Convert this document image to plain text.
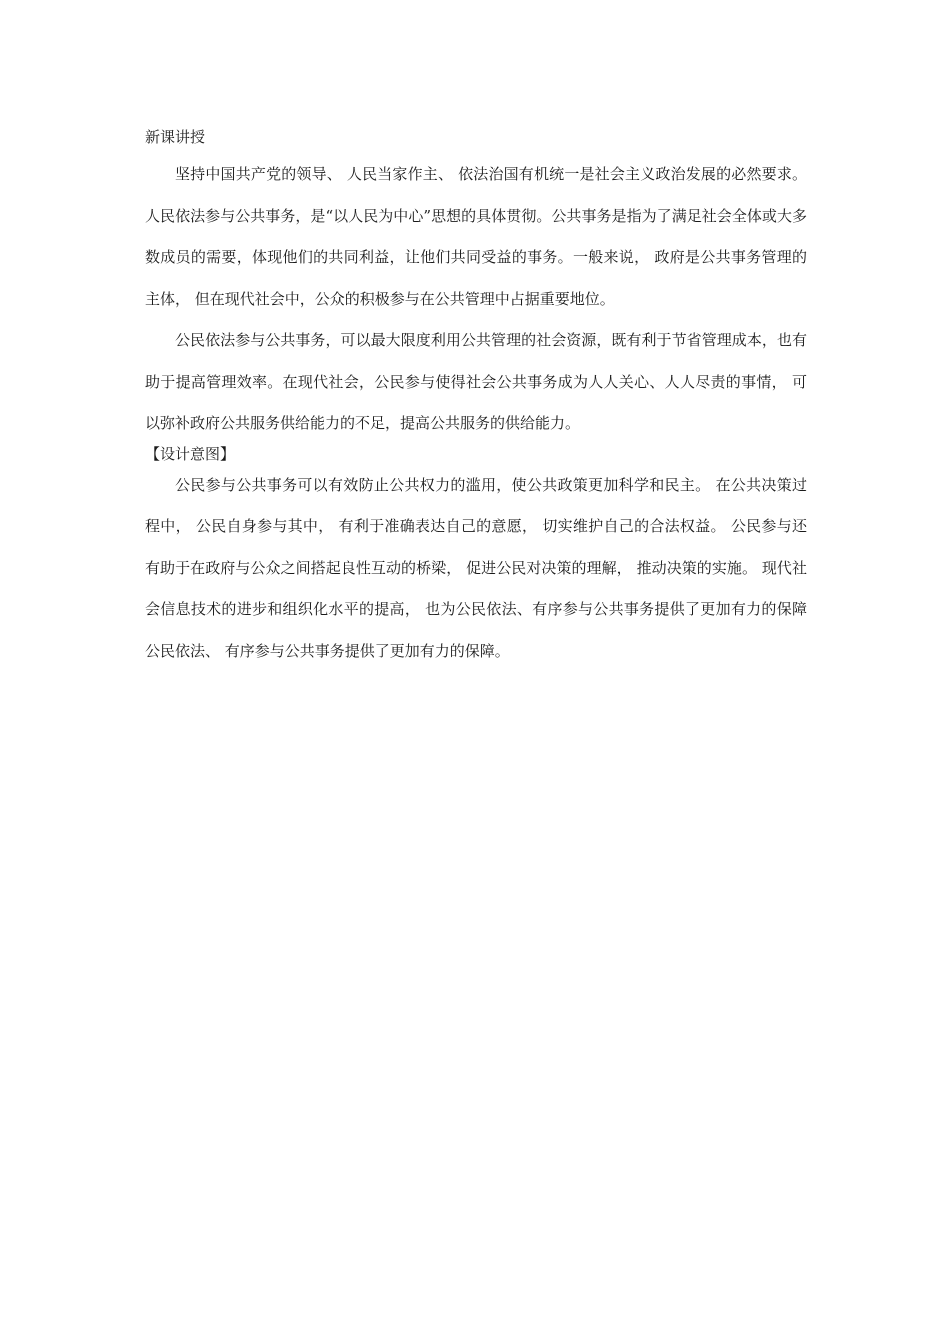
新课讲授

坚持中国共产党的领导、 人民当家作主、 依法治国有机统一是社会主义政治发展的必然要求。 人民依法参与公共事务，是“以人民为中心”思想的具体贯彻。公共事务是指为了满足社会全体或大多数成员的需要，体现他们的共同利益，让他们共同受益的事务。一般来说， 政府是公共事务管理的主体， 但在现代社会中，公众的积极参与在公共管理中占据重要地位。

公民依法参与公共事务，可以最大限度利用公共管理的社会资源，既有利于节省管理成本，也有助于提高管理效率。在现代社会，公民参与使得社会公共事务成为人人关心、人人尽责的事情， 可以弥补政府公共服务供给能力的不足，提高公共服务的供给能力。

【设计意图】

公民参与公共事务可以有效防止公共权力的滥用，使公共政策更加科学和民主。 在公共决策过程中， 公民自身参与其中， 有利于准确表达自己的意愿， 切实维护自己的合法权益。 公民参与还有助于在政府与公众之间搭起良性互动的桥梁， 促进公民对决策的理解， 推动决策的实施。 现代社会信息技术的进步和组织化水平的提高， 也为公民依法、有序参与公共事务提供了更加有力的保障公民依法、 有序参与公共事务提供了更加有力的保障。
